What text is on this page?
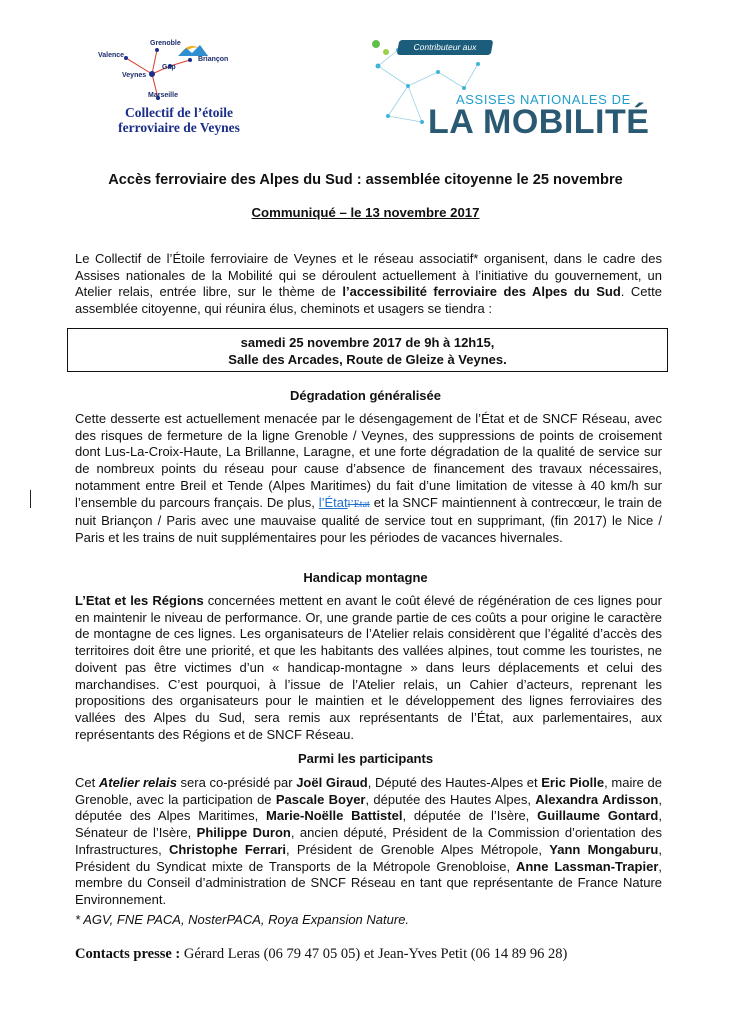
Grenoble
Valence
Briançon
Gap
Veynes
Marseille
Collectif de l’étoile
ferroviaire de Veynes
Contributeur aux
ASSISES NATIONALES DE
LA MOBILITÉ
Accès ferroviaire des Alpes du Sud : assemblée citoyenne le 25 novembre
Communiqué – le 13 novembre 2017
Le Collectif de l’Étoile ferroviaire de Veynes et le réseau associatif* organisent, dans le cadre des Assises nationales de la Mobilité qui se déroulent actuellement à l’initiative du gouvernement, un Atelier relais, entrée libre, sur le thème de l’accessibilité ferroviaire des Alpes du Sud. Cette assemblée citoyenne, qui réunira élus, cheminots et usagers se tiendra :
samedi 25 novembre 2017 de 9h à 12h15,
Salle des Arcades, Route de Gleize à Veynes.
Dégradation généralisée
Cette desserte est actuellement menacée par le désengagement de l’État et de SNCF Réseau, avec des risques de fermeture de la ligne Grenoble / Veynes, des suppressions de points de croisement dont Lus-La-Croix-Haute, La Brillanne, Laragne, et une forte dégradation de la qualité de service sur de nombreux points du réseau pour cause d’absence de financement des travaux nécessaires, notamment entre Breil et Tende (Alpes Maritimes) du fait d’une limitation de vitesse à 40 km/h sur l’ensemble du parcours français. De plus, l’Étatl’Etat et la SNCF maintiennent à contrecœur, le train de nuit Briançon / Paris avec une mauvaise qualité de service tout en supprimant, (fin 2017) le Nice / Paris et les trains de nuit supplémentaires pour les périodes de vacances hivernales.
Handicap montagne
L’Etat et les Régions concernées mettent en avant le coût élevé de régénération de ces lignes pour en maintenir le niveau de performance. Or, une grande partie de ces coûts a pour origine le caractère de montagne de ces lignes. Les organisateurs de l’Atelier relais considèrent que l’égalité d’accès des territoires doit être une priorité, et que les habitants des vallées alpines, tout comme les touristes, ne doivent pas être victimes d’un « handicap-montagne » dans leurs déplacements et celui des marchandises. C’est pourquoi, à l’issue de l’Atelier relais, un Cahier d’acteurs, reprenant les propositions des organisateurs pour le maintien et le développement des lignes ferroviaires des vallées des Alpes du Sud, sera remis aux représentants de l’État, aux parlementaires, aux représentants des Régions et de SNCF Réseau.
Parmi les participants
Cet Atelier relais sera co-présidé par Joël Giraud, Député des Hautes-Alpes et Eric Piolle, maire de Grenoble, avec la participation de Pascale Boyer, députée des Hautes Alpes, Alexandra Ardisson, députée des Alpes Maritimes, Marie-Noëlle Battistel, députée de l’Isère, Guillaume Gontard, Sénateur de l’Isère, Philippe Duron, ancien député, Président de la Commission d’orientation des Infrastructures, Christophe Ferrari, Président de Grenoble Alpes Métropole, Yann Mongaburu, Président du Syndicat mixte de Transports de la Métropole Grenobloise, Anne Lassman-Trapier, membre du Conseil d’administration de SNCF Réseau en tant que représentante de France Nature Environnement.
* AGV, FNE PACA, NosterPACA, Roya Expansion Nature.
Contacts presse : Gérard Leras (06 79 47 05 05) et Jean-Yves Petit (06 14 89 96 28)
